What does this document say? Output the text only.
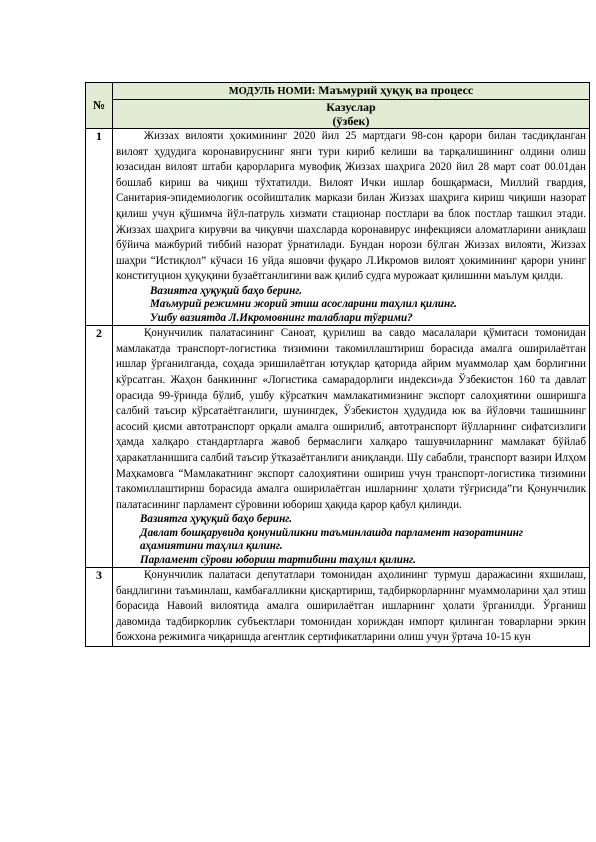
№	МОДУЛЬ НОМИ: Маъмурий ҳуқуқ ва процесс

	Казуслар
(ўзбек)

1	Жиззах вилояти ҳокимининг 2020 йил 25 мартдаги 98-сон қарори билан тасдиқланган вилоят ҳудудига коронавируснинг янги тури кириб келиши ва тарқалишининг олдини олиш юзасидан вилоят штаби қарорларига мувофиқ Жиззах шаҳрига 2020 йил 28 март соат 00.01дан бошлаб кириш ва чиқиш тўхтатилди. Вилоят Ички ишлар бошқармаси, Миллий гвардия, Санитария-эпидемиологик осойишталик маркази билан Жиззах шаҳрига кириш чиқиши назорат қилиш учун қўшимча йўл-патруль хизмати стационар постлари ва блок постлар ташкил этади. Жиззах шаҳрига кирувчи ва чиқувчи шахсларда коронавирус инфекцияси аломатларини аниқлаш бўйича мажбурий тиббий назорат ўрнатилади. Бундан норози бўлган Жиззах вилояти, Жиззах шаҳри “Истиқлол” кўчаси 16 уйда яшовчи фуқаро Л.Икромов вилоят ҳокимининг қарори унинг конституцион ҳуқуқини бузаётганлигини важ қилиб судга мурожаат қилишини маълум қилди.

Вазиятга ҳуқуқий баҳо беринг.
Маъмурий режимни жорий этиш асосларини таҳлил қилинг.
Ушбу вазиятда Л.Икромовнинг талаблари тўғрими?

2	Қонунчилик палатасининг Саноат, қурилиш ва савдо масалалари қўмитаси томонидан мамлакатда транспорт-логистика тизимини такомиллаштириш борасида амалга оширилаётган ишлар ўрганилганда, соҳада эришилаётган ютуқлар қаторида айрим муаммолар ҳам борлигини кўрсатган. Жаҳон банкининг «Логистика самарадорлиги индекси»да Ўзбекистон 160 та давлат орасида 99-ўринда бўлиб, ушбу кўрсаткич мамлакатимизнинг экспорт салоҳиятини оширишга салбий таъсир кўрсатаётганлиги, шунингдек, Ўзбекистон ҳудудида юк ва йўловчи ташишнинг асосий қисми автотранспорт орқали амалга оширилиб, автотранспорт йўлларнинг сифатсизлиги ҳамда халқаро стандартларга жавоб бермаслиги халқаро ташувчиларнинг мамлакат бўйлаб ҳаракатланишига салбий таъсир ўтказаётганлиги аниқланди. Шу сабабли, транспорт вазири Илҳом Маҳкамовга “Мамлакатнинг экспорт салоҳиятини ошириш учун транспорт-логистика тизимини такомиллаштириш борасида амалга оширилаётган ишларнинг ҳолати тўғрисида”ги Қонунчилик палатасининг парламент сўровини юбориш ҳақида қарор қабул қилинди.

Вазиятга ҳуқуқий баҳо беринг.
Давлат бошқарувида қонунийликни таъминлашда парламент назоратининг аҳамиятини таҳлил қилинг.
Парламент сўрови юбориш тартибини таҳлил қилинг.

3	Қонунчилик палатаси депутатлари томонидан аҳолининг турмуш даражасини яхшилаш, бандлигини таъминлаш, камбағалликни қисқартириш, тадбиркорларнинг муаммоларини ҳал этиш борасида Навоий вилоятида амалга оширилаётган ишларнинг ҳолати ўрганилди. Ўрганиш давомида тадбиркорлик субъектлари томонидан хориждан импорт қилинган товарларни эркин божхона режимига чиқаришда агентлик сертификатларини олиш учун ўртача 10-15 кун
